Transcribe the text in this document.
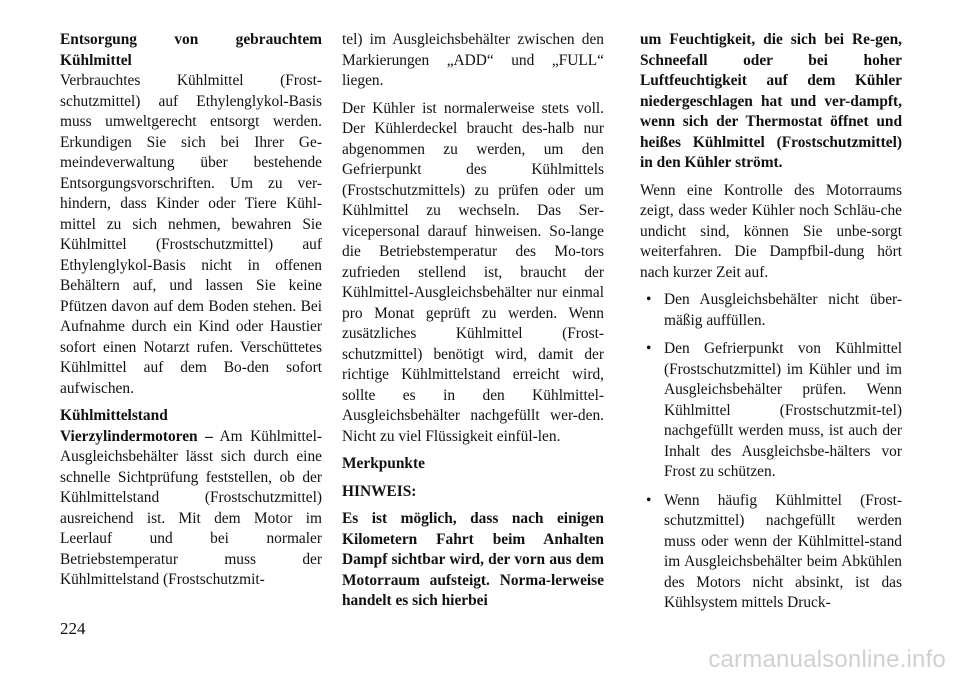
Entsorgung von gebrauchtem Kühlmittel

Verbrauchtes Kühlmittel (Frost-schutzmittel) auf Ethylenglykol-Basis muss umweltgerecht entsorgt werden. Erkundigen Sie sich bei Ihrer Ge-meindeverwaltung über bestehende Entsorgungsvorschriften. Um zu ver-hindern, dass Kinder oder Tiere Kühl-mittel zu sich nehmen, bewahren Sie Kühlmittel (Frostschutzmittel) auf Ethylenglykol-Basis nicht in offenen Behältern auf, und lassen Sie keine Pfützen davon auf dem Boden stehen. Bei Aufnahme durch ein Kind oder Haustier sofort einen Notarzt rufen. Verschüttetes Kühlmittel auf dem Bo-den sofort aufwischen.

Kühlmittelstand

Vierzylindermotoren – Am Kühlmittel-Ausgleichsbehälter lässt sich durch eine schnelle Sichtprüfung feststellen, ob der Kühlmittelstand (Frostschutzmittel) ausreichend ist. Mit dem Motor im Leerlauf und bei normaler Betriebstemperatur muss der Kühlmittelstand (Frostschutzmit-

tel) im Ausgleichsbehälter zwischen den Markierungen „ADD“ und „FULL“ liegen.

Der Kühler ist normalerweise stets voll. Der Kühlerdeckel braucht des-halb nur abgenommen zu werden, um den Gefrierpunkt des Kühlmittels (Frostschutzmittels) zu prüfen oder um Kühlmittel zu wechseln. Das Ser-vicepersonal darauf hinweisen. So-lange die Betriebstemperatur des Mo-tors zufrieden stellend ist, braucht der Kühlmittel-Ausgleichsbehälter nur einmal pro Monat geprüft zu werden. Wenn zusätzliches Kühlmittel (Frost-schutzmittel) benötigt wird, damit der richtige Kühlmittelstand erreicht wird, sollte es in den Kühlmittel-Ausgleichsbehälter nachgefüllt wer-den. Nicht zu viel Flüssigkeit einfül-len.

Merkpunkte

HINWEIS:

Es ist möglich, dass nach einigen Kilometern Fahrt beim Anhalten Dampf sichtbar wird, der vorn aus dem Motorraum aufsteigt. Norma-lerweise handelt es sich hierbei

um Feuchtigkeit, die sich bei Re-gen, Schneefall oder bei hoher Luftfeuchtigkeit auf dem Kühler niedergeschlagen hat und ver-dampft, wenn sich der Thermostat öffnet und heißes Kühlmittel (Frostschutzmittel) in den Kühler strömt.

Wenn eine Kontrolle des Motorraums zeigt, dass weder Kühler noch Schläu-che undicht sind, können Sie unbe-sorgt weiterfahren. Die Dampfbil-dung hört nach kurzer Zeit auf.

• Den Ausgleichsbehälter nicht über-mäßig auffüllen.
• Den Gefrierpunkt von Kühlmittel (Frostschutzmittel) im Kühler und im Ausgleichsbehälter prüfen. Wenn Kühlmittel (Frostschutzmit-tel) nachgefüllt werden muss, ist auch der Inhalt des Ausgleichsbe-hälters vor Frost zu schützen.
• Wenn häufig Kühlmittel (Frost-schutzmittel) nachgefüllt werden muss oder wenn der Kühlmittel-stand im Ausgleichsbehälter beim Abkühlen des Motors nicht absinkt, ist das Kühlsystem mittels Druck-
224
carmanualsonline.info
